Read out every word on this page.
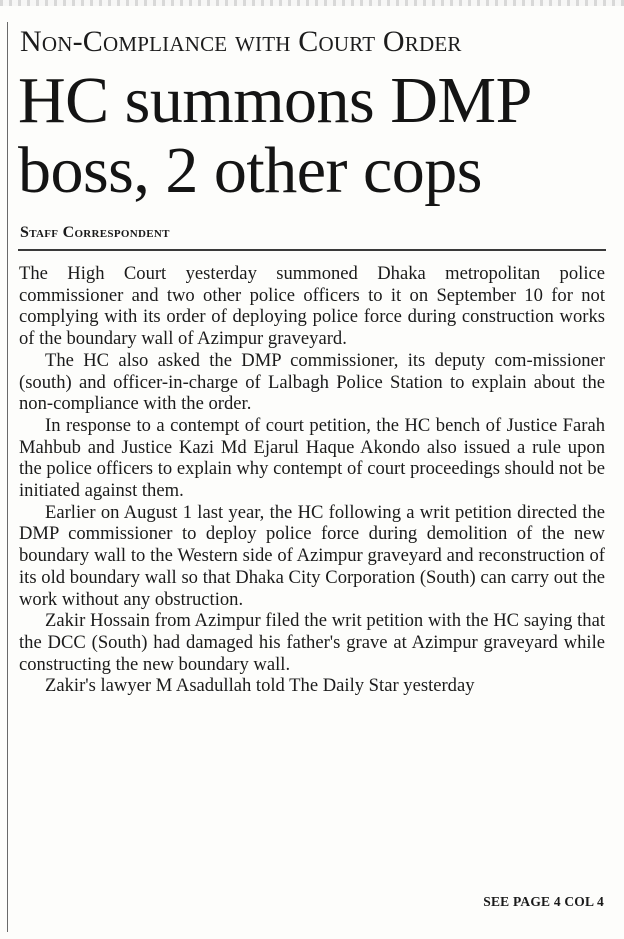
Non-Compliance with Court Order
HC summons DMP
boss, 2 other cops
Staff Correspondent

The High Court yesterday summoned Dhaka metropolitan police commissioner and two other police officers to it on September 10 for not complying with its order of deploying police force during construction works of the boundary wall of Azimpur graveyard.

The HC also asked the DMP commissioner, its deputy com-missioner (south) and officer-in-charge of Lalbagh Police Station to explain about the non-compliance with the order.

In response to a contempt of court petition, the HC bench of Justice Farah Mahbub and Justice Kazi Md Ejarul Haque Akondo also issued a rule upon the police officers to explain why contempt of court proceedings should not be initiated against them.

Earlier on August 1 last year, the HC following a writ petition directed the DMP commissioner to deploy police force during demolition of the new boundary wall to the Western side of Azimpur graveyard and reconstruction of its old boundary wall so that Dhaka City Corporation (South) can carry out the work without any obstruction.

Zakir Hossain from Azimpur filed the writ petition with the HC saying that the DCC (South) had damaged his father's grave at Azimpur graveyard while constructing the new boundary wall.

Zakir's lawyer M Asadullah told The Daily Star yesterday

SEE PAGE 4 COL 4
